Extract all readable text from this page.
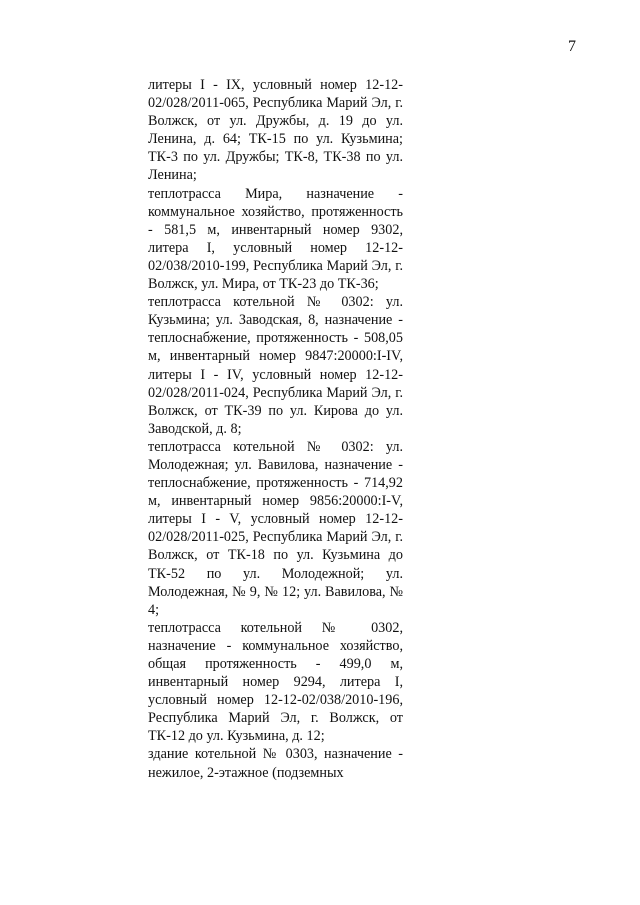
7

литеры I - IX, условный номер 12-12-02/028/2011-065, Республика Марий Эл, г. Волжск, от ул. Дружбы, д. 19 до ул. Ленина, д. 64; ТК-15 по ул. Кузьмина; ТК-3 по ул. Дружбы; ТК-8, ТК-38 по ул. Ленина;

теплотрасса Мира, назначение - коммунальное хозяйство, протяженность - 581,5 м, инвентарный номер 9302, литера I, условный номер 12-12-02/038/2010-199, Республика Марий Эл, г. Волжск, ул. Мира, от ТК-23 до ТК-36;

теплотрасса котельной № 0302: ул. Кузьмина; ул. Заводская, 8, назначение - теплоснабжение, протяженность - 508,05 м, инвентарный номер 9847:20000:I-IV, литеры I - IV, условный номер 12-12-02/028/2011-024, Республика Марий Эл, г. Волжск, от ТК-39 по ул. Кирова до ул. Заводской, д. 8;

теплотрасса котельной № 0302: ул. Молодежная; ул. Вавилова, назначение - теплоснабжение, протяженность - 714,92 м, инвентарный номер 9856:20000:I-V, литеры I - V, условный номер 12-12-02/028/2011-025, Республика Марий Эл, г. Волжск, от ТК-18 по ул. Кузьмина до ТК-52 по ул. Молодежной; ул. Молодежная, № 9, № 12; ул. Вавилова, № 4;

теплотрасса котельной № 0302, назначение - коммунальное хозяйство, общая протяженность - 499,0 м, инвентарный номер 9294, литера I, условный номер 12-12-02/038/2010-196, Республика Марий Эл, г. Волжск, от ТК-12 до ул. Кузьмина, д. 12;

здание котельной № 0303, назначение - нежилое, 2-этажное (подземных
